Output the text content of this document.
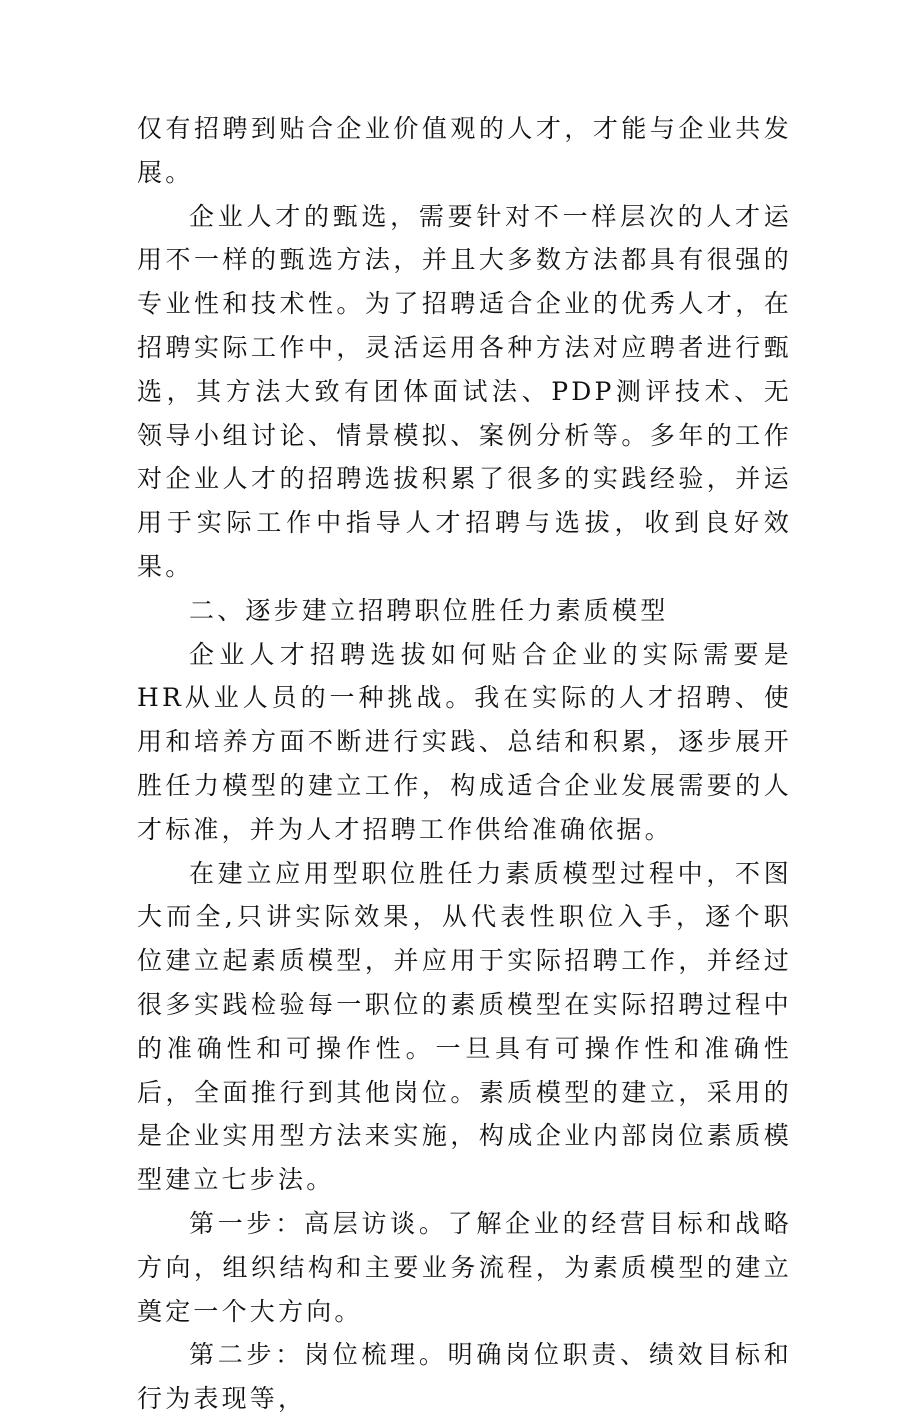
仅有招聘到贴合企业价值观的人才，才能与企业共发展。

企业人才的甄选，需要针对不一样层次的人才运用不一样的甄选方法，并且大多数方法都具有很强的专业性和技术性。为了招聘适合企业的优秀人才，在招聘实际工作中，灵活运用各种方法对应聘者进行甄选，其方法大致有团体面试法、PDP测评技术、无领导小组讨论、情景模拟、案例分析等。多年的工作对企业人才的招聘选拔积累了很多的实践经验，并运用于实际工作中指导人才招聘与选拔，收到良好效果。

二、逐步建立招聘职位胜任力素质模型

企业人才招聘选拔如何贴合企业的实际需要是HR从业人员的一种挑战。我在实际的人才招聘、使用和培养方面不断进行实践、总结和积累，逐步展开胜任力模型的建立工作，构成适合企业发展需要的人才标准，并为人才招聘工作供给准确依据。

在建立应用型职位胜任力素质模型过程中，不图大而全,只讲实际效果，从代表性职位入手，逐个职位建立起素质模型，并应用于实际招聘工作，并经过很多实践检验每一职位的素质模型在实际招聘过程中的准确性和可操作性。一旦具有可操作性和准确性后，全面推行到其他岗位。素质模型的建立，采用的是企业实用型方法来实施，构成企业内部岗位素质模型建立七步法。

第一步：高层访谈。了解企业的经营目标和战略方向，组织结构和主要业务流程，为素质模型的建立奠定一个大方向。

第二步：岗位梳理。明确岗位职责、绩效目标和行为表现等，
